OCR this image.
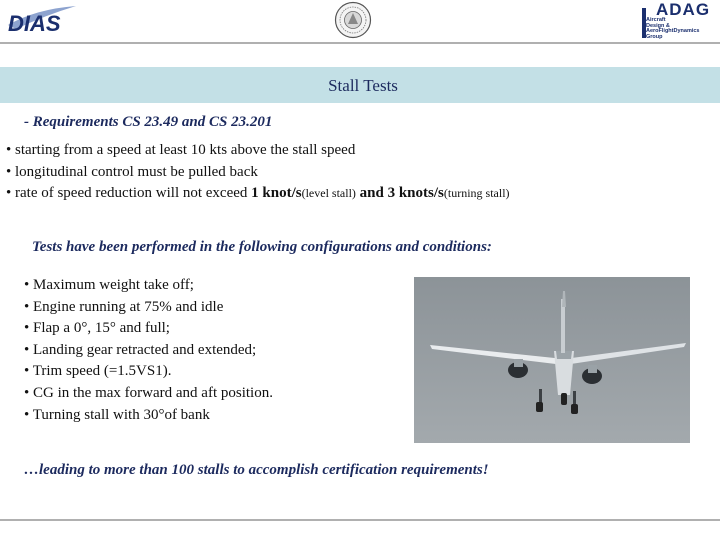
DIAS
ADAG
Aircraft
Design &
AeroFlightDynamics
Group
Stall Tests
- Requirements CS 23.49 and CS 23.201
• starting from a speed at least 10 kts above the stall speed
• longitudinal control must be pulled back
• rate of speed reduction will not exceed 1 knot/s(level stall) and 3 knots/s(turning stall)
Tests have been performed in the following configurations and conditions:
• Maximum weight take off;
• Engine running at 75% and idle
• Flap a 0°, 15° and full;
• Landing gear retracted and extended;
• Trim speed (=1.5VS1).
• CG in the max forward and aft position.
• Turning stall with 30°of bank
…leading to more than 100 stalls to accomplish certification requirements!
